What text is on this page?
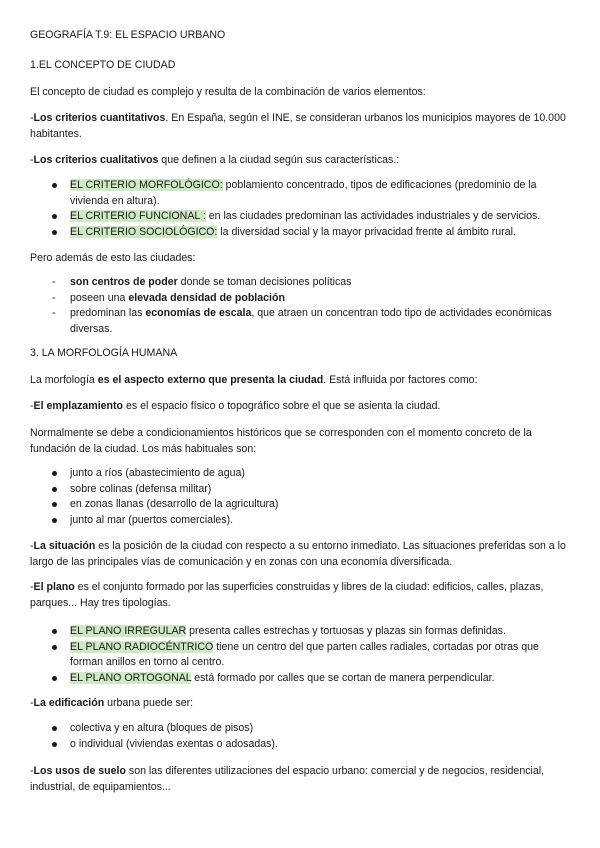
GEOGRAFÍA T.9: EL ESPACIO URBANO

1.EL CONCEPTO DE CIUDAD

El concepto de ciudad es complejo y resulta de la combinación de varios elementos:

-Los criterios cuantitativos. En España, según el INE, se consideran urbanos los municipios mayores de 10.000 habitantes.

-Los criterios cualitativos que definen a la ciudad según sus características.:

EL CRITERIO MORFOLÓGICO: poblamiento concentrado, tipos de edificaciones (predominio de la vivienda en altura).
EL CRITERIO FUNCIONAL : en las ciudades predominan las actividades industriales y de servicios.
EL CRITERIO SOCIOLÓGICO: la diversidad social y la mayor privacidad frente al ámbito rural.

Pero además de esto las ciudades:

-
son centros de poder donde se toman decisiones políticas
-
poseen una elevada densidad de población
-
predominan las economías de escala, que atraen un concentran todo tipo de actividades económicas diversas.

3. LA MORFOLOGÍA HUMANA

La morfología es el aspecto externo que presenta la ciudad. Está influida por factores como:

-El emplazamiento es el espacio físico o topográfico sobre el que se asienta la ciudad.

Normalmente se debe a condicionamientos históricos que se corresponden con el momento concreto de la fundación de la ciudad. Los más habituales son:

junto a ríos (abastecimiento de agua)
sobre colinas (defensa militar)
en zonas llanas (desarrollo de la agricultura)
junto al mar (puertos comerciales).

-La situación es la posición de la ciudad con respecto a su entorno inmediato. Las situaciones preferidas son a lo largo de las principales vías de comunicación y en zonas con una economía diversificada.

-El plano es el conjunto formado por las superficies construidas y libres de la ciudad: edificios, calles, plazas, parques... Hay tres tipologías.

EL PLANO IRREGULAR presenta calles estrechas y tortuosas y plazas sin formas definidas.
EL PLANO RADIOCÉNTRICO tiene un centro del que parten calles radiales, cortadas por otras que forman anillos en torno al centro.
EL PLANO ORTOGONAL está formado por calles que se cortan de manera perpendicular.

-La edificación urbana puede ser:

colectiva y en altura (bloques de pisos)
o individual (viviendas exentas o adosadas).

-Los usos de suelo son las diferentes utilizaciones del espacio urbano: comercial y de negocios, residencial, industrial, de equipamientos...
